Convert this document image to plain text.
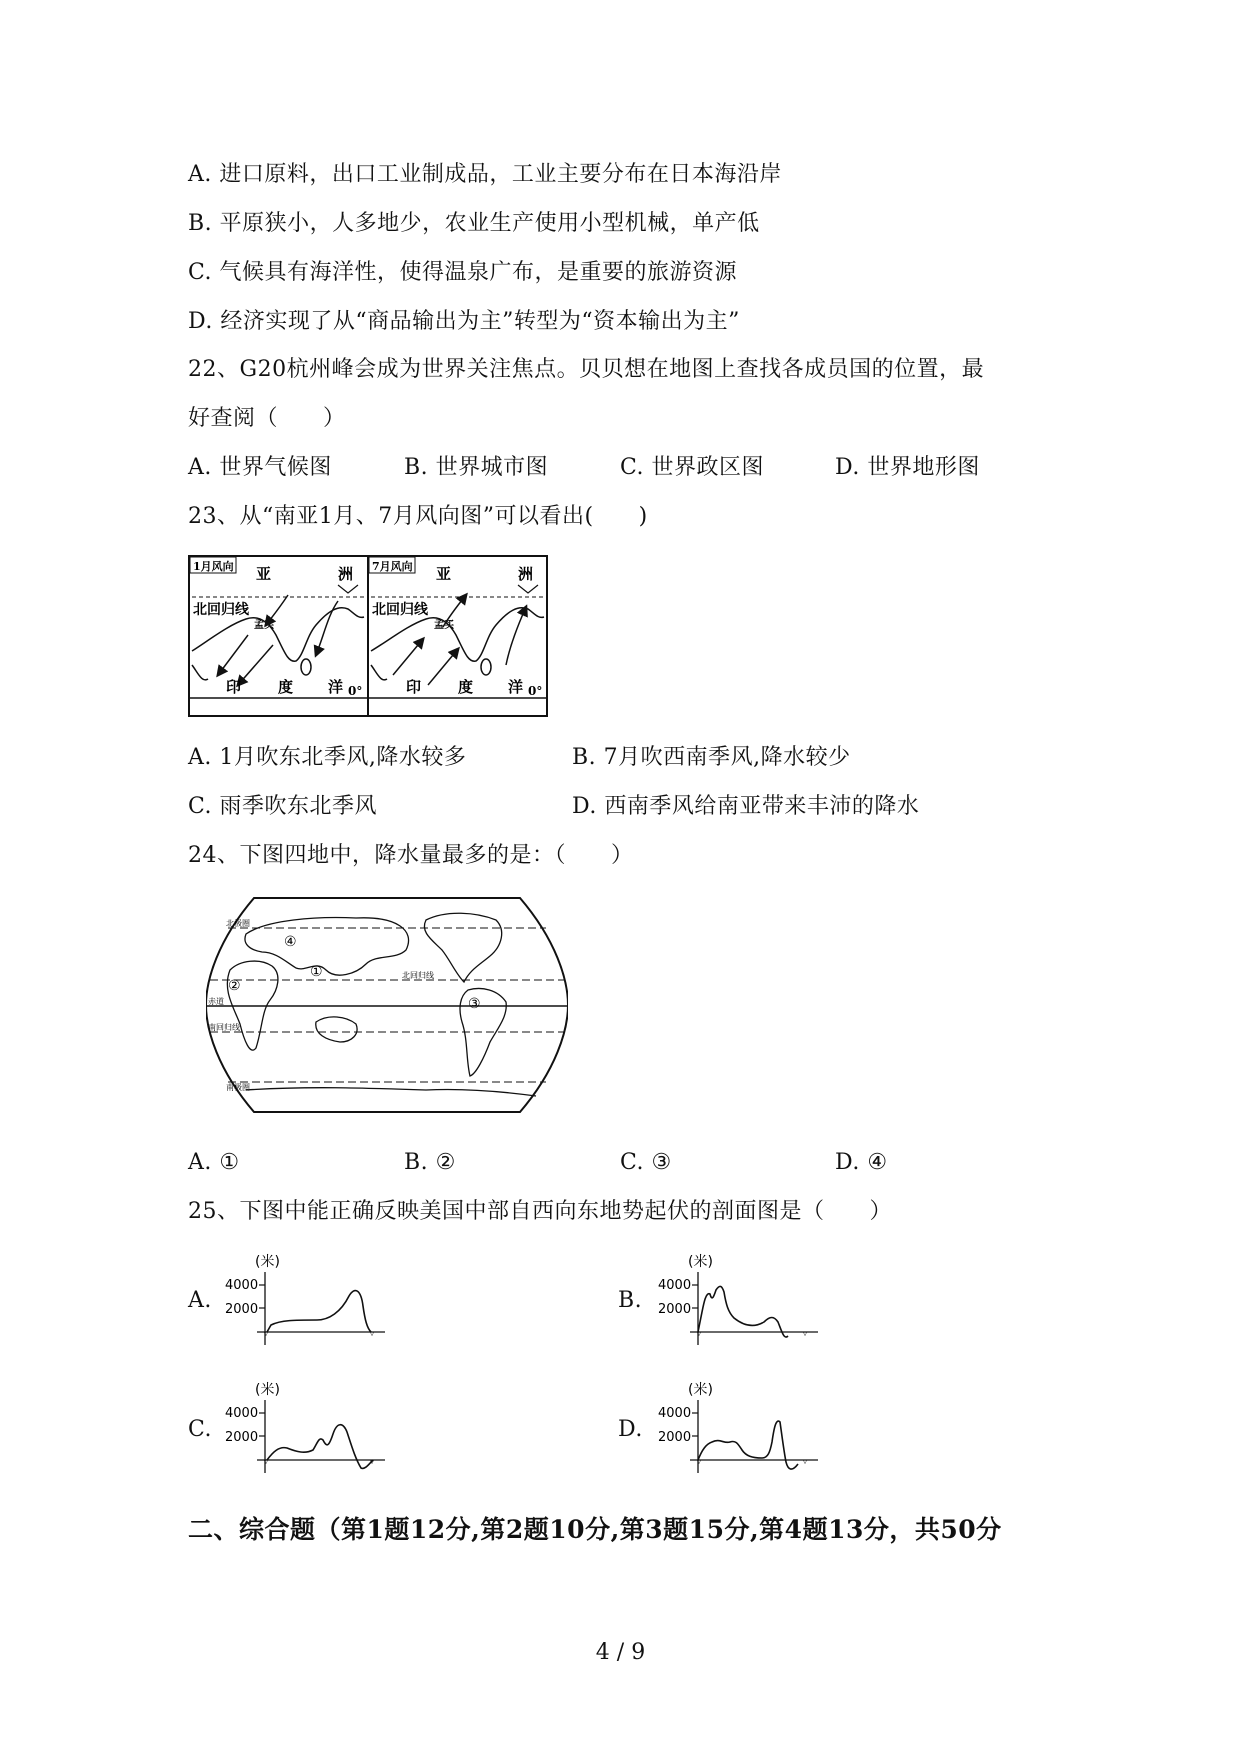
A. 进口原料，出口工业制成品，工业主要分布在日本海沿岸
B. 平原狭小，人多地少，农业生产使用小型机械，单产低
C. 气候具有海洋性，使得温泉广布，是重要的旅游资源
D. 经济实现了从“商品输出为主”转型为“资本输出为主”
22、G20杭州峰会成为世界关注焦点。贝贝想在地图上查找各成员国的位置，最
好查阅（　　）
A. 世界气候图	B. 世界城市图	C. 世界政区图	D. 世界地形图
23、从“南亚1月、7月风向图”可以看出(　　)
1月风向 亚	洲
北回归线
孟买
印 度 洋 0°
7月风向 亚	洲
北回归线
孟买
印 度 洋 0°
A. 1月吹东北季风,降水较多	B. 7月吹西南季风,降水较少
C. 雨季吹东北季风	D. 西南季风给南亚带来丰沛的降水
24、下图四地中，降水量最多的是：（　　）
北极圈
北回归线
赤道
南回归线
南极圈
①
②
③
④
A. ①	B. ②	C. ③	D. ④
25、下图中能正确反映美国中部自西向东地势起伏的剖面图是（　　）
A.
(米)
4000
2000
▿	▿
B.
(米)
4000
2000
▿	▿
C.
(米)
4000
2000
▿	▿
D.
(米)
4000
2000
▿	▿
二、综合题（第1题12分,第2题10分,第3题15分,第4题13分，共50分
4 / 9
